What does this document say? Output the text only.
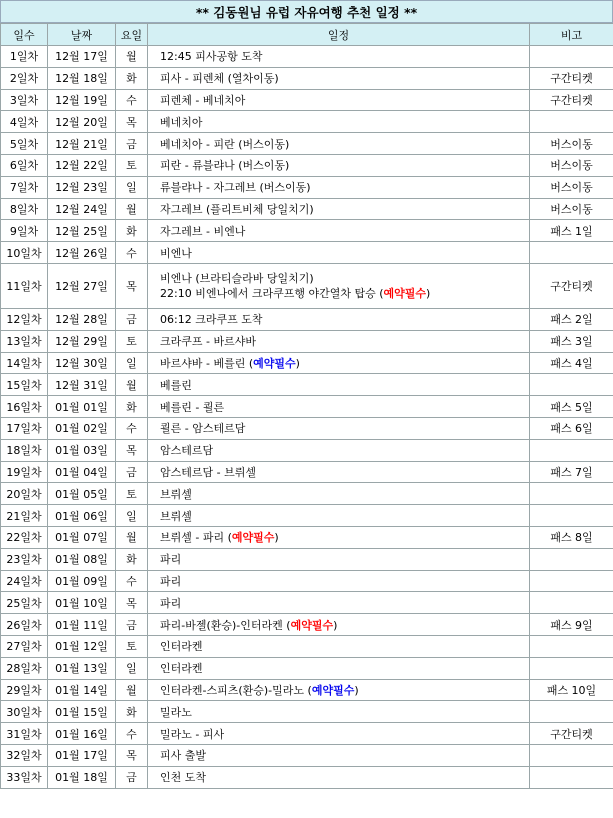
** 김동원님 유럽 자유여행 추천 일정 **
일수	날짜	요일	일정	비고
1일차	12월 17일	월	12:45 피사공항 도착	
2일차	12월 18일	화	피사 - 피렌체 (열차이동)	구간티켓
3일차	12월 19일	수	피렌체 - 베네치아	구간티켓
4일차	12월 20일	목	베네치아	
5일차	12월 21일	금	베네치아 - 피란 (버스이동)	버스이동
6일차	12월 22일	토	피란 - 류블랴나 (버스이동)	버스이동
7일차	12월 23일	일	류블랴나 - 자그레브 (버스이동)	버스이동
8일차	12월 24일	월	자그레브 (플리트비체 당일치기)	버스이동
9일차	12월 25일	화	자그레브 - 비엔나	패스 1일
10일차	12월 26일	수	비엔나	
11일차	12월 27일	목	비엔나 (브라티슬라바 당일치기)
22:10 비엔나에서 크라쿠프행 야간열차 탑승 (예약필수)	구간티켓
12일차	12월 28일	금	06:12 크라쿠프 도착	패스 2일
13일차	12월 29일	토	크라쿠프 - 바르샤바	패스 3일
14일차	12월 30일	일	바르샤바 - 베를린 (예약필수)	패스 4일
15일차	12월 31일	월	베를린	
16일차	01월 01일	화	베를린 - 쾰른	패스 5일
17일차	01월 02일	수	쾰른 - 암스테르담	패스 6일
18일차	01월 03일	목	암스테르담	
19일차	01월 04일	금	암스테르담 - 브뤼셀	패스 7일
20일차	01월 05일	토	브뤼셀	
21일차	01월 06일	일	브뤼셀	
22일차	01월 07일	월	브뤼셀 - 파리 (예약필수)	패스 8일
23일차	01월 08일	화	파리	
24일차	01월 09일	수	파리	
25일차	01월 10일	목	파리	
26일차	01월 11일	금	파리-바젤(환승)-인터라켄 (예약필수)	패스 9일
27일차	01월 12일	토	인터라켄	
28일차	01월 13일	일	인터라켄	
29일차	01월 14일	월	인터라켄-스피츠(환승)-밀라노 (예약필수)	패스 10일
30일차	01월 15일	화	밀라노	
31일차	01월 16일	수	밀라노 - 피사	구간티켓
32일차	01월 17일	목	피사 출발	
33일차	01월 18일	금	인천 도착	
